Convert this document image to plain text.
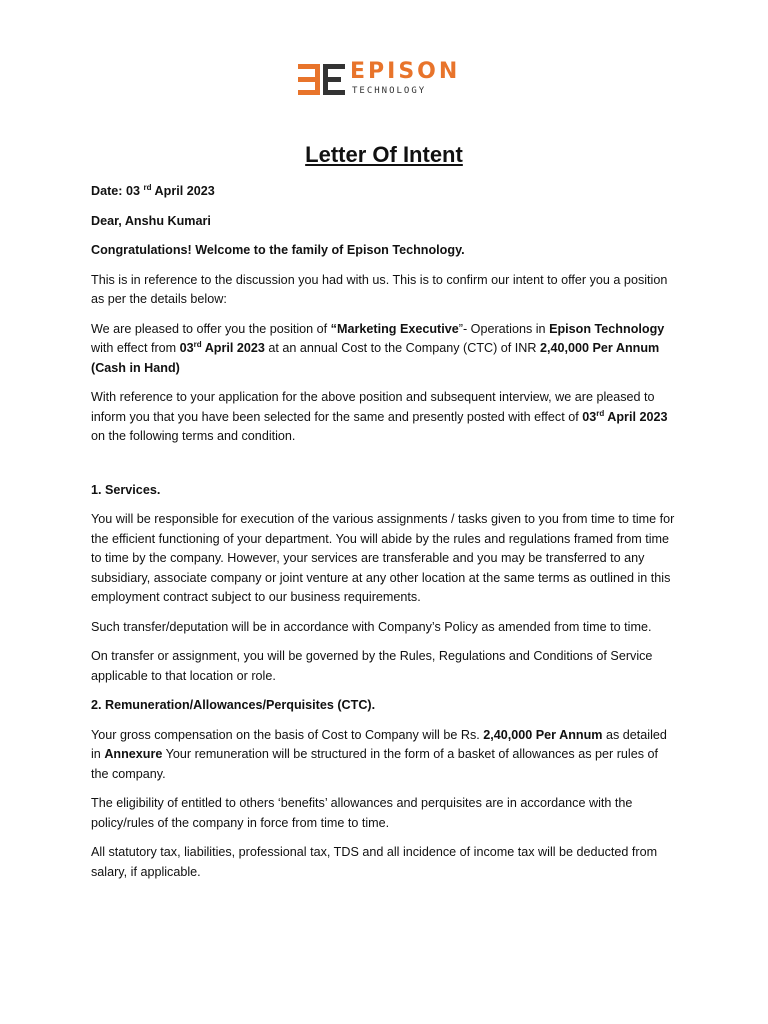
EPISON
TECHNOLOGY
Letter Of Intent

Date: 03 $^{rd}$ April 2023

Dear, Anshu Kumari

Congratulations! Welcome to the family of Epison Technology.

This is in reference to the discussion you had with us. This is to confirm our intent to offer you a position as per the details below:

We are pleased to offer you the position of “Marketing Executive”- Operations in Epison Technology with effect from 03rd April 2023 at an annual Cost to the Company (CTC) of INR 2,40,000 Per Annum (Cash in Hand)

With reference to your application for the above position and subsequent interview, we are pleased to inform you that you have been selected for the same and presently posted with effect of 03rd April 2023 on the following terms and condition.

1. Services.

You will be responsible for execution of the various assignments / tasks given to you from time to time for the efficient functioning of your department. You will abide by the rules and regulations framed from time to time by the company. However, your services are transferable and you may be transferred to any subsidiary, associate company or joint venture at any other location at the same terms as outlined in this employment contract subject to our business requirements.

Such transfer/deputation will be in accordance with Company’s Policy as amended from time to time.

On transfer or assignment, you will be governed by the Rules, Regulations and Conditions of Service applicable to that location or role.

2. Remuneration/Allowances/Perquisites (CTC).

Your gross compensation on the basis of Cost to Company will be Rs. 2,40,000 Per Annum as detailed in Annexure Your remuneration will be structured in the form of a basket of allowances as per rules of the company.

The eligibility of entitled to others ‘benefits’ allowances and perquisites are in accordance with the policy/rules of the company in force from time to time.

All statutory tax, liabilities, professional tax, TDS and all incidence of income tax will be deducted from salary, if applicable.
